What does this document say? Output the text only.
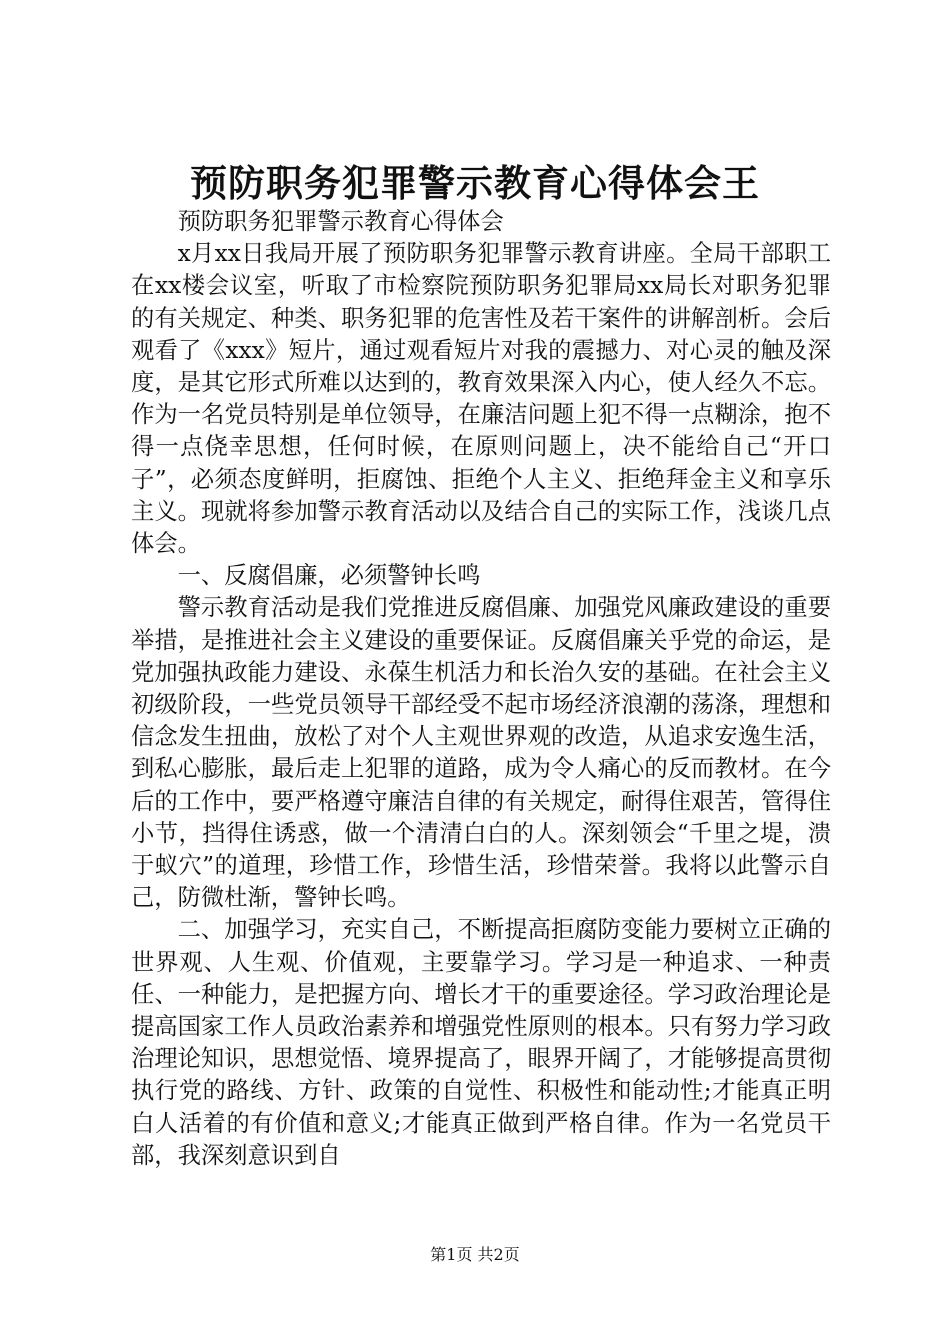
预防职务犯罪警示教育心得体会王

预防职务犯罪警示教育心得体会

x月xx日我局开展了预防职务犯罪警示教育讲座。全局干部职工在xx楼会议室，听取了市检察院预防职务犯罪局xx局长对职务犯罪的有关规定、种类、职务犯罪的危害性及若干案件的讲解剖析。会后观看了《xxx》短片，通过观看短片对我的震撼力、对心灵的触及深度，是其它形式所难以达到的，教育效果深入内心，使人经久不忘。作为一名党员特别是单位领导，在廉洁问题上犯不得一点糊涂，抱不得一点侥幸思想，任何时候，在原则问题上，决不能给自己“开口子”，必须态度鲜明，拒腐蚀、拒绝个人主义、拒绝拜金主义和享乐主义。现就将参加警示教育活动以及结合自己的实际工作，浅谈几点体会。

一、反腐倡廉，必须警钟长鸣

警示教育活动是我们党推进反腐倡廉、加强党风廉政建设的重要举措，是推进社会主义建设的重要保证。反腐倡廉关乎党的命运，是党加强执政能力建设、永葆生机活力和长治久安的基础。在社会主义初级阶段，一些党员领导干部经受不起市场经济浪潮的荡涤，理想和信念发生扭曲，放松了对个人主观世界观的改造，从追求安逸生活，到私心膨胀，最后走上犯罪的道路，成为令人痛心的反而教材。在今后的工作中，要严格遵守廉洁自律的有关规定，耐得住艰苦，管得住小节，挡得住诱惑，做一个清清白白的人。深刻领会“千里之堤，溃于蚁穴”的道理，珍惜工作，珍惜生活，珍惜荣誉。我将以此警示自己，防微杜渐，警钟长鸣。

二、加强学习，充实自己，不断提高拒腐防变能力要树立正确的世界观、人生观、价值观，主要靠学习。学习是一种追求、一种责任、一种能力，是把握方向、增长才干的重要途径。学习政治理论是提高国家工作人员政治素养和增强党性原则的根本。只有努力学习政治理论知识，思想觉悟、境界提高了，眼界开阔了，才能够提高贯彻执行党的路线、方针、政策的自觉性、积极性和能动性;才能真正明白人活着的有价值和意义;才能真正做到严格自律。作为一名党员干部，我深刻意识到自

第1页 共2页
